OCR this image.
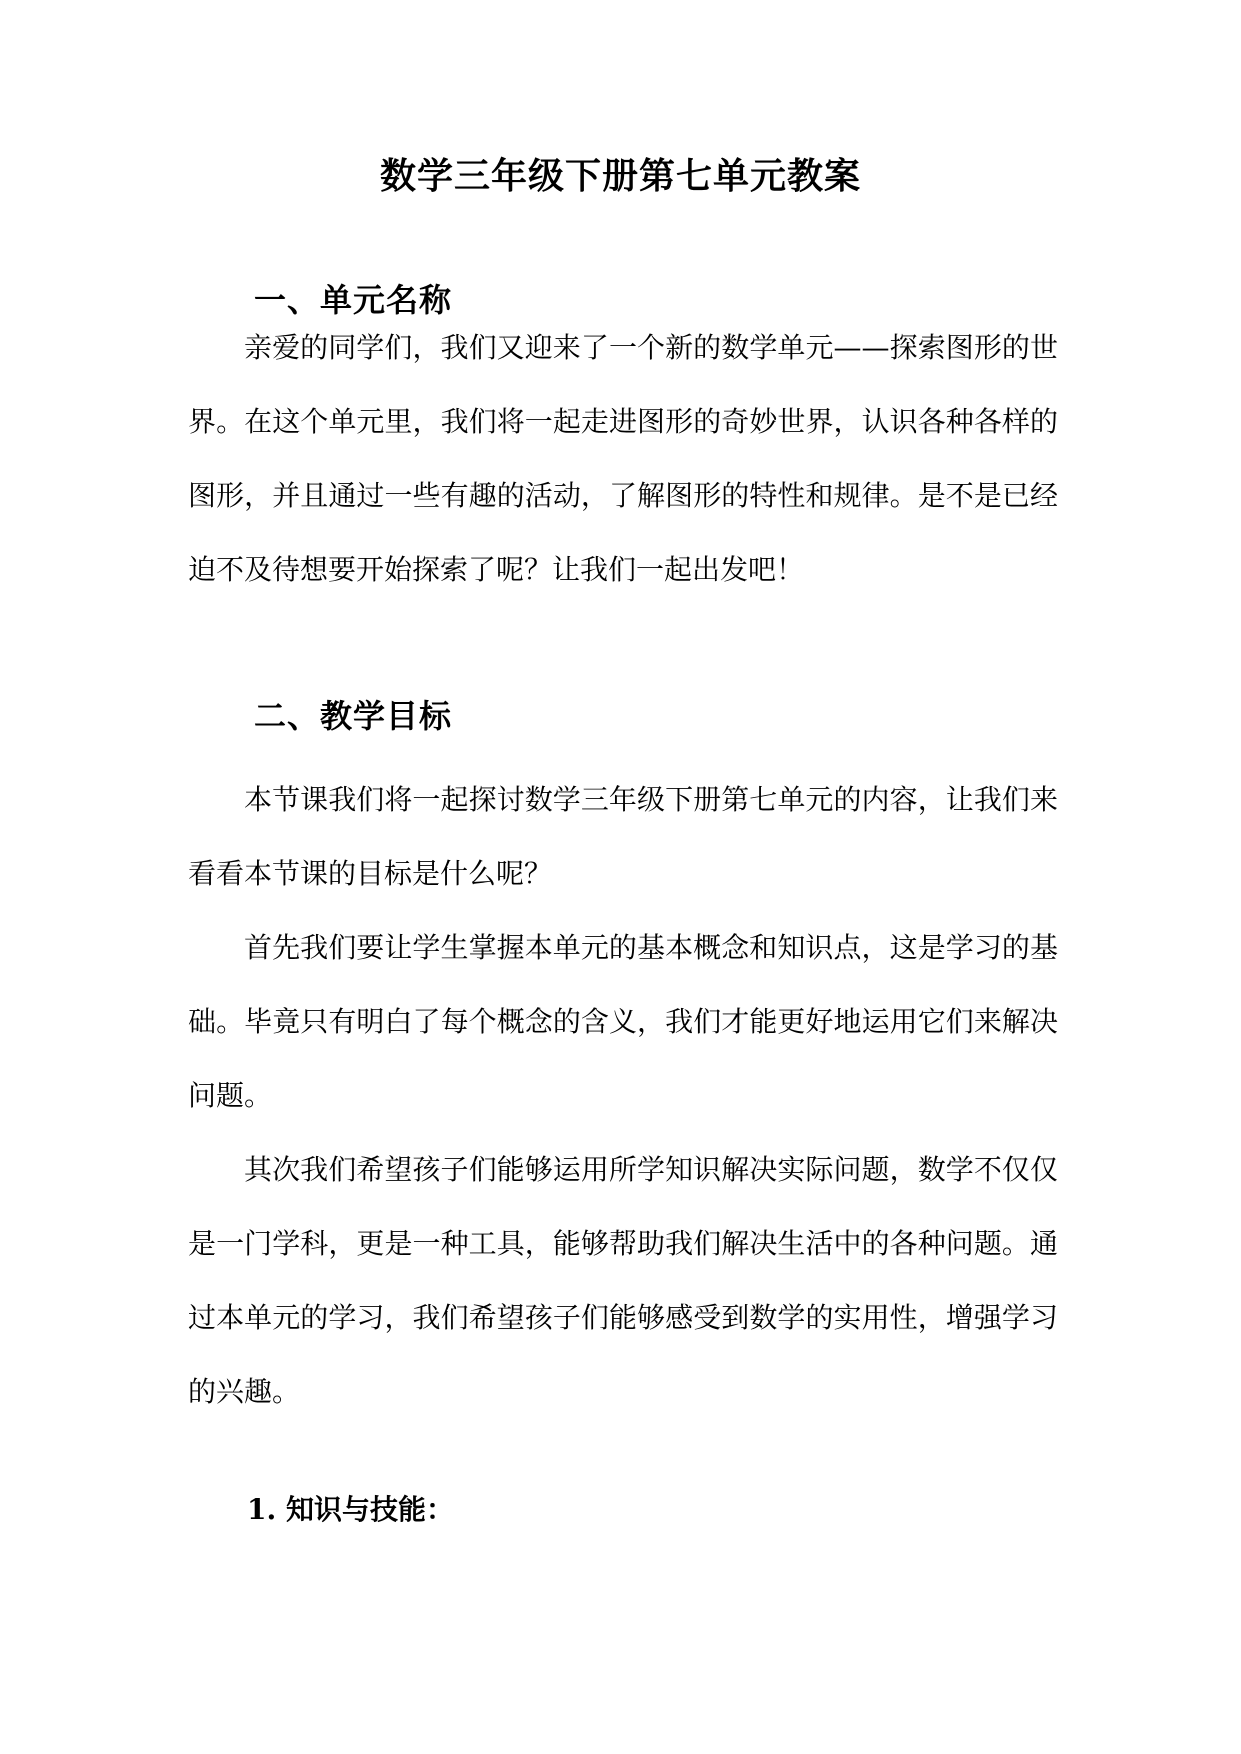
数学三年级下册第七单元教案
一、单元名称

亲爱的同学们，我们又迎来了一个新的数学单元——探索图形的世界。在这个单元里，我们将一起走进图形的奇妙世界，认识各种各样的图形，并且通过一些有趣的活动，了解图形的特性和规律。是不是已经迫不及待想要开始探索了呢？让我们一起出发吧！

二、教学目标

本节课我们将一起探讨数学三年级下册第七单元的内容，让我们来看看本节课的目标是什么呢？

首先我们要让学生掌握本单元的基本概念和知识点，这是学习的基础。毕竟只有明白了每个概念的含义，我们才能更好地运用它们来解决问题。

其次我们希望孩子们能够运用所学知识解决实际问题，数学不仅仅是一门学科，更是一种工具，能够帮助我们解决生活中的各种问题。通过本单元的学习，我们希望孩子们能够感受到数学的实用性，增强学习的兴趣。

1. 知识与技能：
